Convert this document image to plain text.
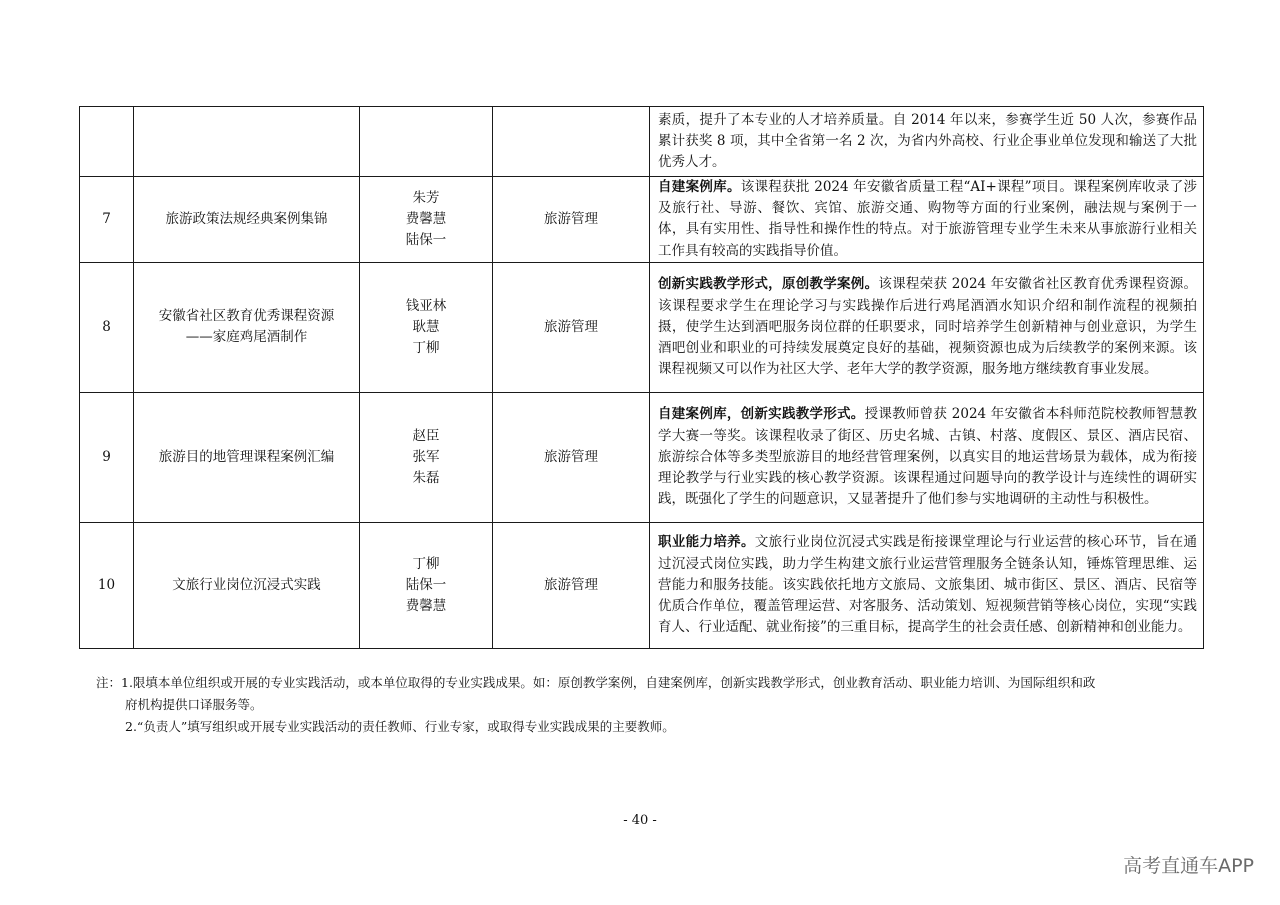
				素质，提升了本专业的人才培养质量。自 2014 年以来，参赛学生近 50 人次，参赛作品累计获奖 8 项，其中全省第一名 2 次，为省内外高校、行业企事业单位发现和输送了大批优秀人才。
7	旅游政策法规经典案例集锦	朱芳
费馨慧
陆保一	旅游管理	自建案例库。该课程获批 2024 年安徽省质量工程“AI+课程”项目。课程案例库收录了涉及旅行社、导游、餐饮、宾馆、旅游交通、购物等方面的行业案例，融法规与案例于一体，具有实用性、指导性和操作性的特点。对于旅游管理专业学生未来从事旅游行业相关工作具有较高的实践指导价值。
8	安徽省社区教育优秀课程资源
——家庭鸡尾酒制作	钱亚林
耿慧
丁柳	旅游管理	创新实践教学形式，原创教学案例。该课程荣获 2024 年安徽省社区教育优秀课程资源。该课程要求学生在理论学习与实践操作后进行鸡尾酒酒水知识介绍和制作流程的视频拍摄，使学生达到酒吧服务岗位群的任职要求，同时培养学生创新精神与创业意识，为学生酒吧创业和职业的可持续发展奠定良好的基础，视频资源也成为后续教学的案例来源。该课程视频又可以作为社区大学、老年大学的教学资源，服务地方继续教育事业发展。
9	旅游目的地管理课程案例汇编	赵臣
张军
朱磊	旅游管理	自建案例库，创新实践教学形式。授课教师曾获 2024 年安徽省本科师范院校教师智慧教学大赛一等奖。该课程收录了街区、历史名城、古镇、村落、度假区、景区、酒店民宿、旅游综合体等多类型旅游目的地经营管理案例，以真实目的地运营场景为载体，成为衔接理论教学与行业实践的核心教学资源。该课程通过问题导向的教学设计与连续性的调研实践，既强化了学生的问题意识，又显著提升了他们参与实地调研的主动性与积极性。
10	文旅行业岗位沉浸式实践	丁柳
陆保一
费馨慧	旅游管理	职业能力培养。文旅行业岗位沉浸式实践是衔接课堂理论与行业运营的核心环节，旨在通过沉浸式岗位实践，助力学生构建文旅行业运营管理服务全链条认知，锤炼管理思维、运营能力和服务技能。该实践依托地方文旅局、文旅集团、城市街区、景区、酒店、民宿等优质合作单位，覆盖管理运营、对客服务、活动策划、短视频营销等核心岗位，实现“实践育人、行业适配、就业衔接”的三重目标，提高学生的社会责任感、创新精神和创业能力。
注：1.限填本单位组织或开展的专业实践活动，或本单位取得的专业实践成果。如：原创教学案例，自建案例库，创新实践教学形式，创业教育活动、职业能力培训、为国际组织和政
府机构提供口译服务等。
2.“负责人”填写组织或开展专业实践活动的责任教师、行业专家，或取得专业实践成果的主要教师。
- 40 -
高考直通车APP
